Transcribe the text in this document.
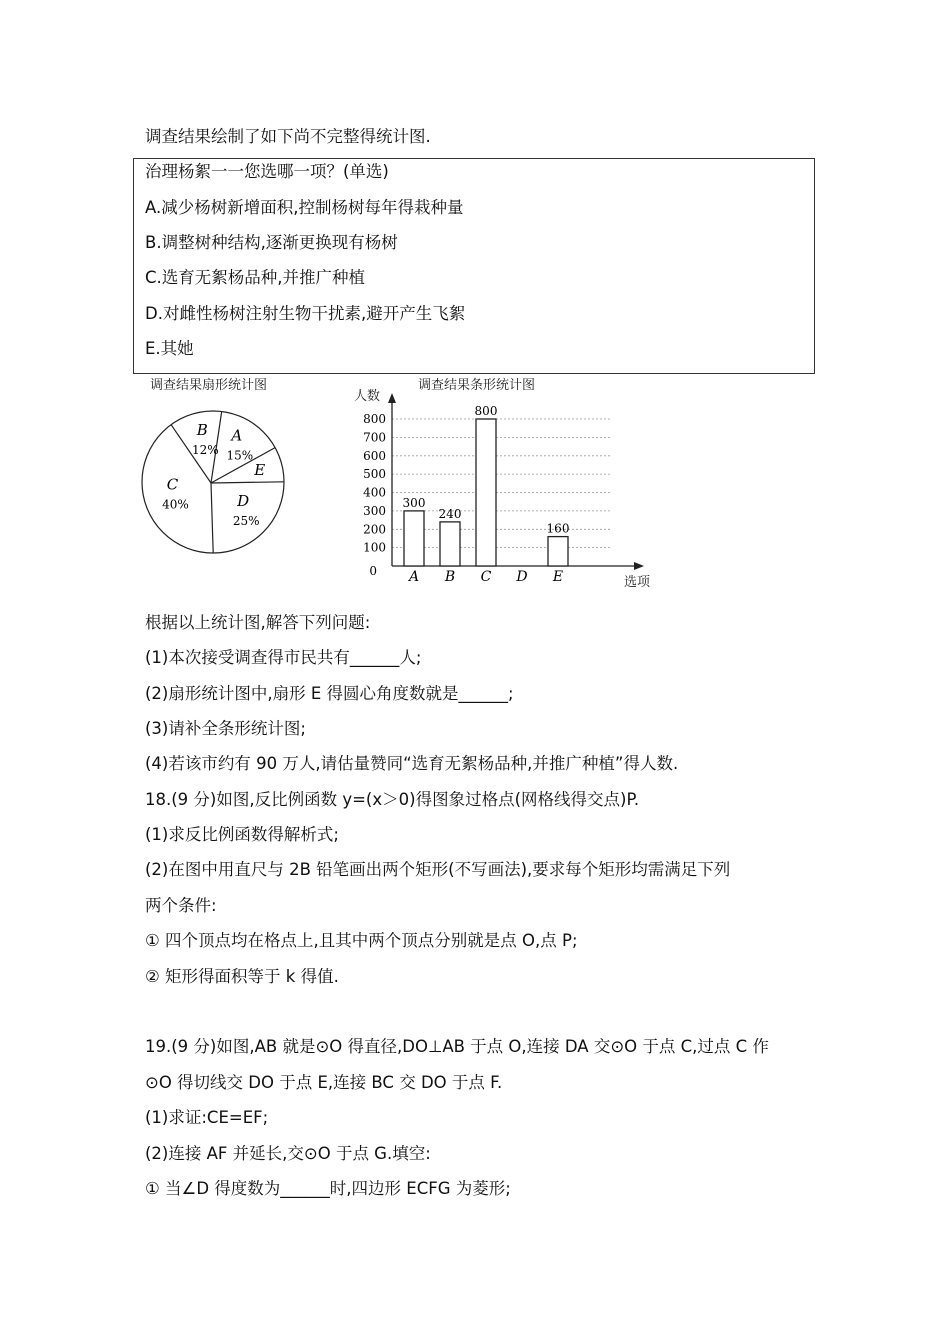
调查结果绘制了如下尚不完整得统计图.
治理杨絮一一您选哪一项？(单选)
A.减少杨树新增面积,控制杨树每年得栽种量
B.调整树种结构,逐渐更换现有杨树
C.选育无絮杨品种,并推广种植
D.对雌性杨树注射生物干扰素,避开产生飞絮
E.其她
调查结果扇形统计图
A
15%
E
D
25%
C
40%
B
12%
调查结果条形统计图
人数
选项
0
100
200
300
400
500
600
700
800
300
A
240
B
800
C D
160
E
根据以上统计图,解答下列问题:
(1)本次接受调查得市民共有______人;
(2)扇形统计图中,扇形 E 得圆心角度数就是______;
(3)请补全条形统计图;
(4)若该市约有 90 万人,请估量赞同“选育无絮杨品种,并推广种植”得人数.
18.(9 分)如图,反比例函数 y=(x＞0)得图象过格点(网格线得交点)P.
(1)求反比例函数得解析式;
(2)在图中用直尺与 2B 铅笔画出两个矩形(不写画法),要求每个矩形均需满足下列
两个条件:
① 四个顶点均在格点上,且其中两个顶点分别就是点 O,点 P;
② 矩形得面积等于 k 得值.
19.(9 分)如图,AB 就是⊙O 得直径,DO⊥AB 于点 O,连接 DA 交⊙O 于点 C,过点 C 作
⊙O 得切线交 DO 于点 E,连接 BC 交 DO 于点 F.
(1)求证:CE=EF;
(2)连接 AF 并延长,交⊙O 于点 G.填空:
① 当∠D 得度数为______时,四边形 ECFG 为菱形;
